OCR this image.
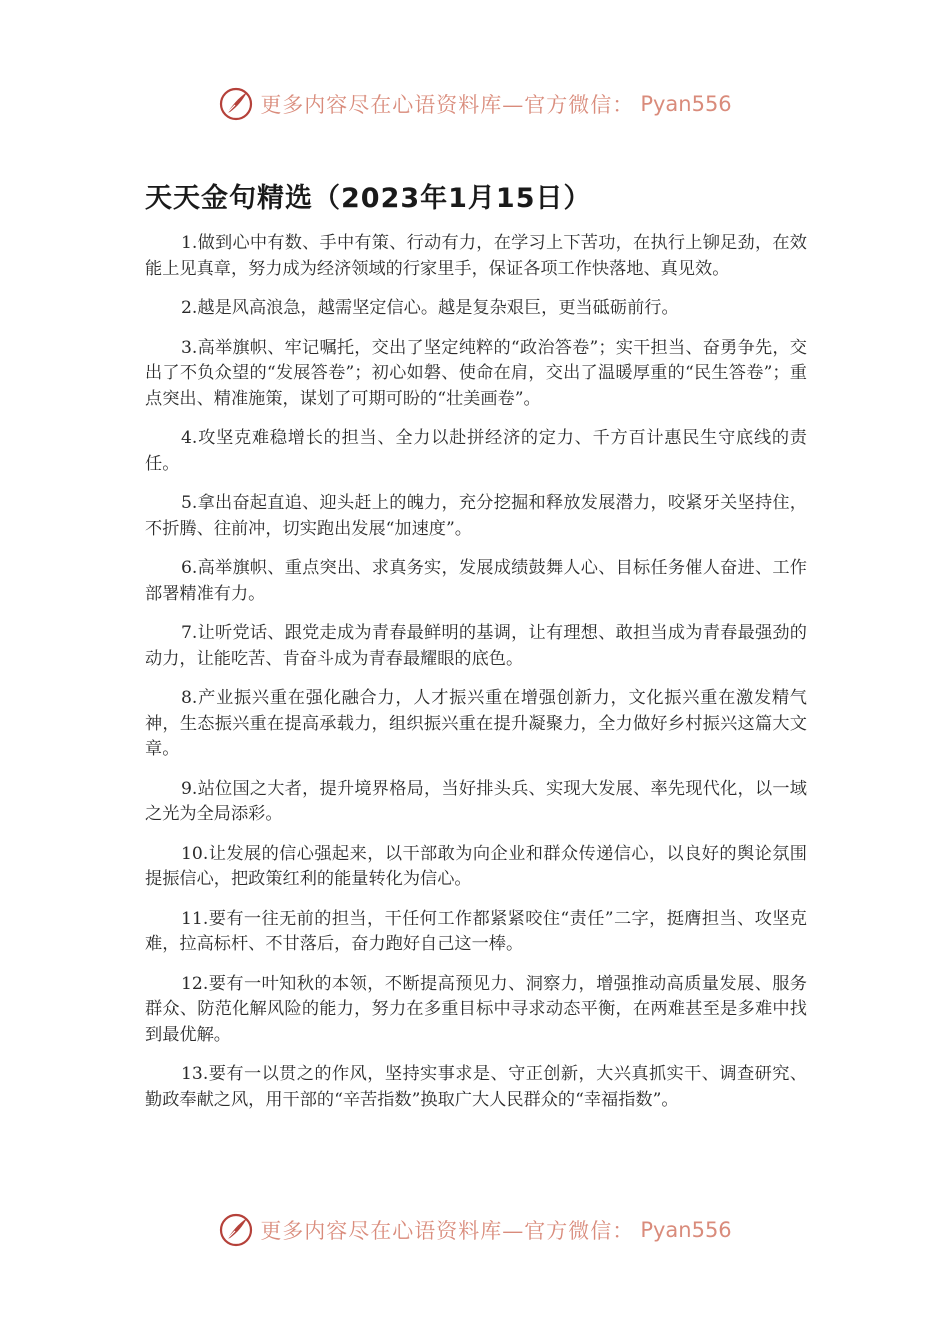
更多内容尽在心语资料库—官方微信： Pyan556
天天金句精选（2023年1月15日）

1.做到心中有数、手中有策、行动有力，在学习上下苦功，在执行上铆足劲，在效能上见真章，努力成为经济领域的行家里手，保证各项工作快落地、真见效。

2.越是风高浪急，越需坚定信心。越是复杂艰巨，更当砥砺前行。

3.高举旗帜、牢记嘱托，交出了坚定纯粹的“政治答卷”；实干担当、奋勇争先，交出了不负众望的“发展答卷”；初心如磐、使命在肩，交出了温暖厚重的“民生答卷”；重点突出、精准施策，谋划了可期可盼的“壮美画卷”。

4.攻坚克难稳增长的担当、全力以赴拼经济的定力、千方百计惠民生守底线的责任。

5.拿出奋起直追、迎头赶上的魄力，充分挖掘和释放发展潜力，咬紧牙关坚持住，不折腾、往前冲，切实跑出发展“加速度”。

6.高举旗帜、重点突出、求真务实，发展成绩鼓舞人心、目标任务催人奋进、工作部署精准有力。

7.让听党话、跟党走成为青春最鲜明的基调，让有理想、敢担当成为青春最强劲的动力，让能吃苦、肯奋斗成为青春最耀眼的底色。

8.产业振兴重在强化融合力，人才振兴重在增强创新力，文化振兴重在激发精气神，生态振兴重在提高承载力，组织振兴重在提升凝聚力，全力做好乡村振兴这篇大文章。

9.站位国之大者，提升境界格局，当好排头兵、实现大发展、率先现代化，以一域之光为全局添彩。

10.让发展的信心强起来，以干部敢为向企业和群众传递信心，以良好的舆论氛围提振信心，把政策红利的能量转化为信心。

11.要有一往无前的担当，干任何工作都紧紧咬住“责任”二字，挺膺担当、攻坚克难，拉高标杆、不甘落后，奋力跑好自己这一棒。

12.要有一叶知秋的本领，不断提高预见力、洞察力，增强推动高质量发展、服务群众、防范化解风险的能力，努力在多重目标中寻求动态平衡，在两难甚至是多难中找到最优解。

13.要有一以贯之的作风，坚持实事求是、守正创新，大兴真抓实干、调查研究、勤政奉献之风，用干部的“辛苦指数”换取广大人民群众的“幸福指数”。

更多内容尽在心语资料库—官方微信： Pyan556
